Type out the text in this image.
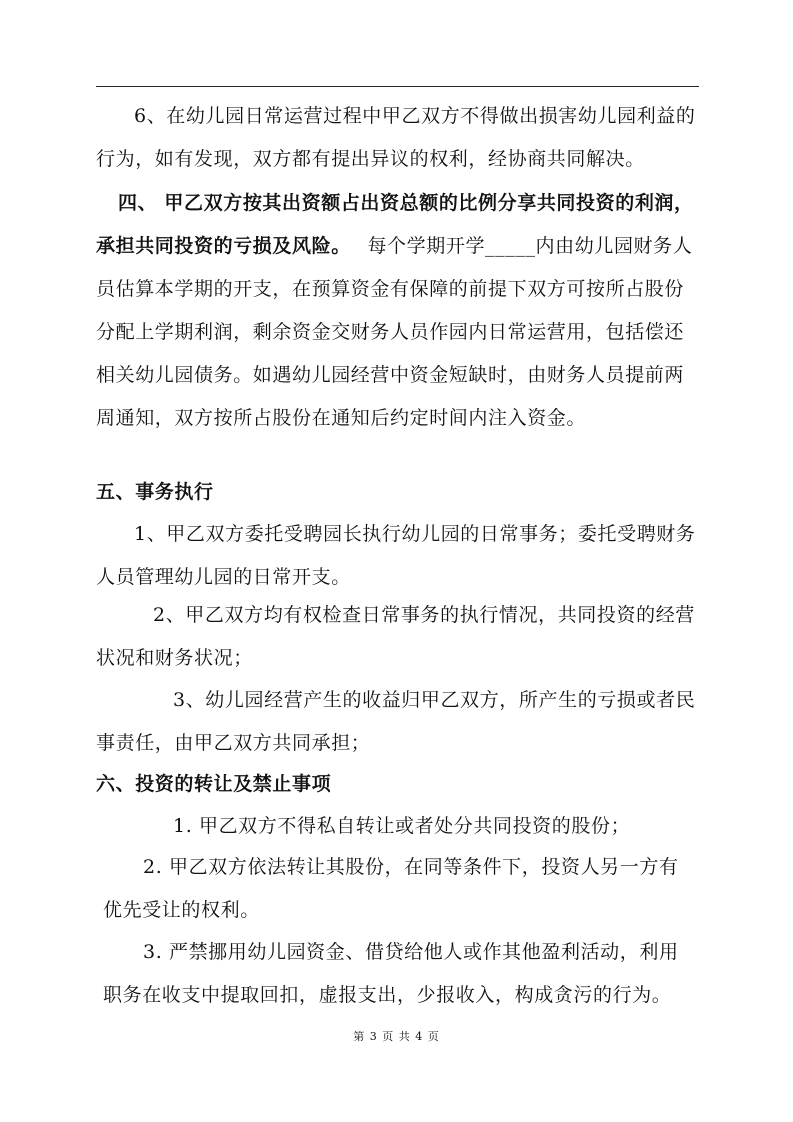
6、在幼儿园日常运营过程中甲乙双方不得做出损害幼儿园利益的
行为，如有发现，双方都有提出异议的权利，经协商共同解决。
四、 甲乙双方按其出资额占出资总额的比例分享共同投资的利润，
承担共同投资的亏损及风险。 每个学期开学_____内由幼儿园财务人
员估算本学期的开支，在预算资金有保障的前提下双方可按所占股份
分配上学期利润，剩余资金交财务人员作园内日常运营用，包括偿还
相关幼儿园债务。如遇幼儿园经营中资金短缺时，由财务人员提前两
周通知，双方按所占股份在通知后约定时间内注入资金。
五、事务执行
1、甲乙双方委托受聘园长执行幼儿园的日常事务；委托受聘财务
人员管理幼儿园的日常开支。
2、甲乙双方均有权检查日常事务的执行情况，共同投资的经营
状况和财务状况；
3、幼儿园经营产生的收益归甲乙双方，所产生的亏损或者民
事责任，由甲乙双方共同承担；
六、投资的转让及禁止事项
1. 甲乙双方不得私自转让或者处分共同投资的股份；
2. 甲乙双方依法转让其股份，在同等条件下，投资人另一方有
优先受让的权利。
3. 严禁挪用幼儿园资金、借贷给他人或作其他盈利活动，利用
职务在收支中提取回扣，虚报支出，少报收入，构成贪污的行为。
第 3 页 共 4 页
